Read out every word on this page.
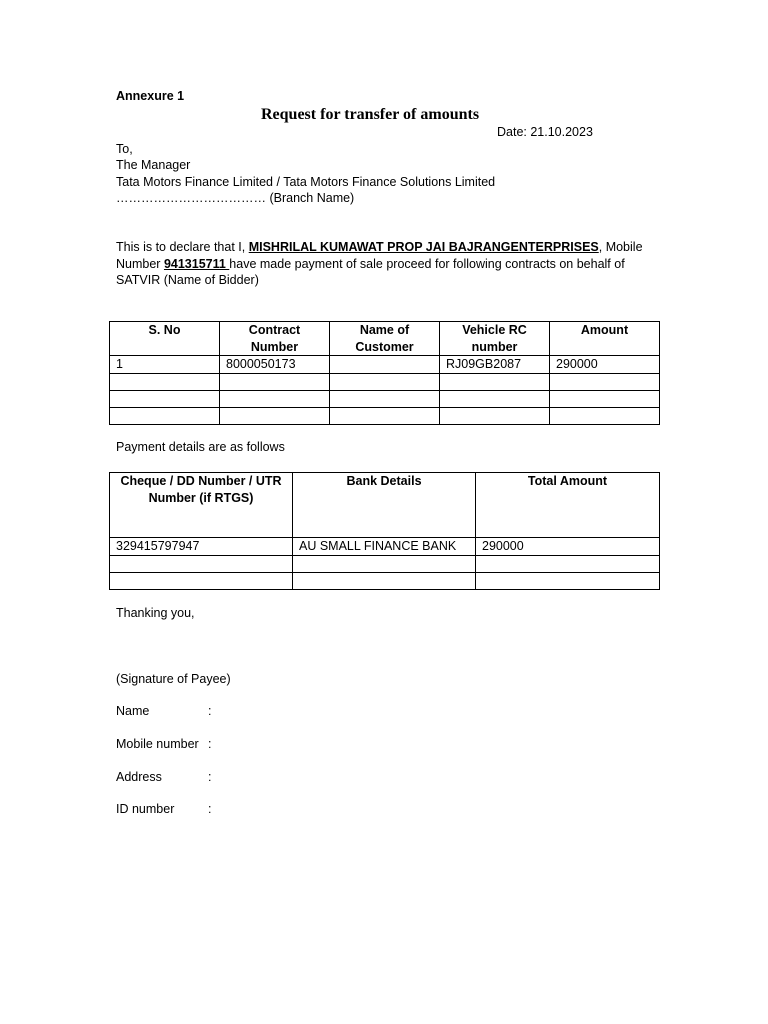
Annexure 1
Request for transfer of amounts
Date: 21.10.2023
To,
The Manager
Tata Motors Finance Limited / Tata Motors Finance Solutions Limited
……………………………… (Branch Name)
This is to declare that I, MISHRILAL KUMAWAT PROP JAI BAJRANGENTERPRISES, Mobile Number 941315711 have made payment of sale proceed for following contracts on behalf of SATVIR (Name of Bidder)
S. No	Contract Number	Name of Customer	Vehicle RC number	Amount
1	8000050173		RJ09GB2087	290000

Payment details are as follows
Cheque / DD Number / UTR Number (if RTGS)	Bank Details	Total Amount
329415797947	AU SMALL FINANCE BANK	290000

Thanking you,
(Signature of Payee)
Name	:
Mobile number :
Address	:
ID number	:
